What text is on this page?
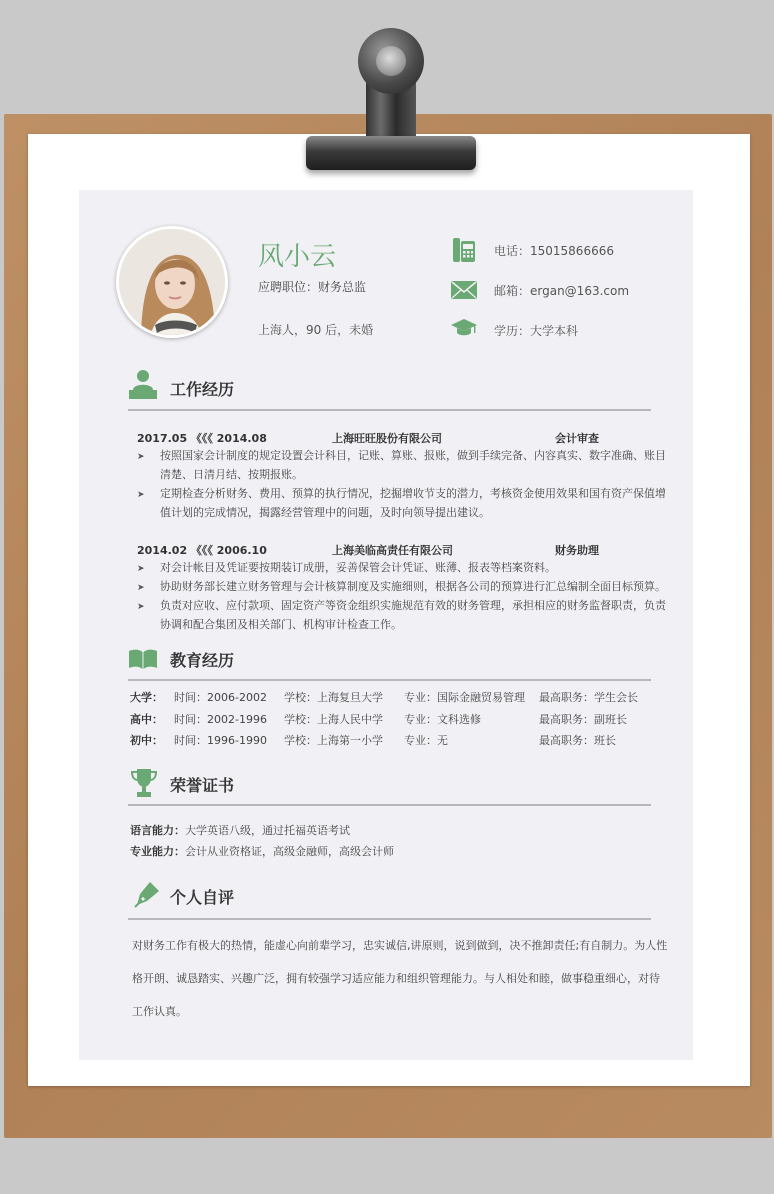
风小云
应聘职位：财务总监
上海人，90 后，未婚
电话：15015866666
邮箱：ergan@163.com
学历：大学本科
工作经历
2017.05 《《《 2014.08	上海旺旺股份有限公司	会计审查
➤ 按照国家会计制度的规定设置会计科目，记账、算账、报账，做到手续完备、内容真实、数字准确、账目
清楚、日清月结、按期报账。
➤ 定期检查分析财务、费用、预算的执行情况，挖掘增收节支的潜力，考核资金使用效果和国有资产保值增
值计划的完成情况，揭露经营管理中的问题，及时向领导提出建议。
2014.02 《《《 2006.10	上海美临高责任有限公司	财务助理
➤ 对会计帐目及凭证要按期装订成册，妥善保管会计凭证、账薄、报表等档案资料。
➤ 协助财务部长建立财务管理与会计核算制度及实施细则，根据各公司的预算进行汇总编制全面目标预算。
➤ 负责对应收、应付款项、固定资产等资金组织实施规范有效的财务管理，承担相应的财务监督职责，负责
协调和配合集团及相关部门、机构审计检查工作。
教育经历
大学： 时间：2006-2002 学校：上海复旦大学 专业：国际金融贸易管理 最高职务：学生会长
高中： 时间：2002-1996 学校：上海人民中学 专业：文科选修	最高职务：副班长
初中： 时间：1996-1990 学校：上海第一小学 专业：无	最高职务：班长
荣誉证书
语言能力：大学英语八级，通过托福英语考试
专业能力：会计从业资格证，高级金融师，高级会计师
个人自评
对财务工作有极大的热情，能虚心向前辈学习，忠实诚信,讲原则，说到做到，决不推卸责任;有自制力。为人性
格开朗、诚恳踏实、兴趣广泛，拥有较强学习适应能力和组织管理能力。与人相处和睦，做事稳重细心，对待
工作认真。
